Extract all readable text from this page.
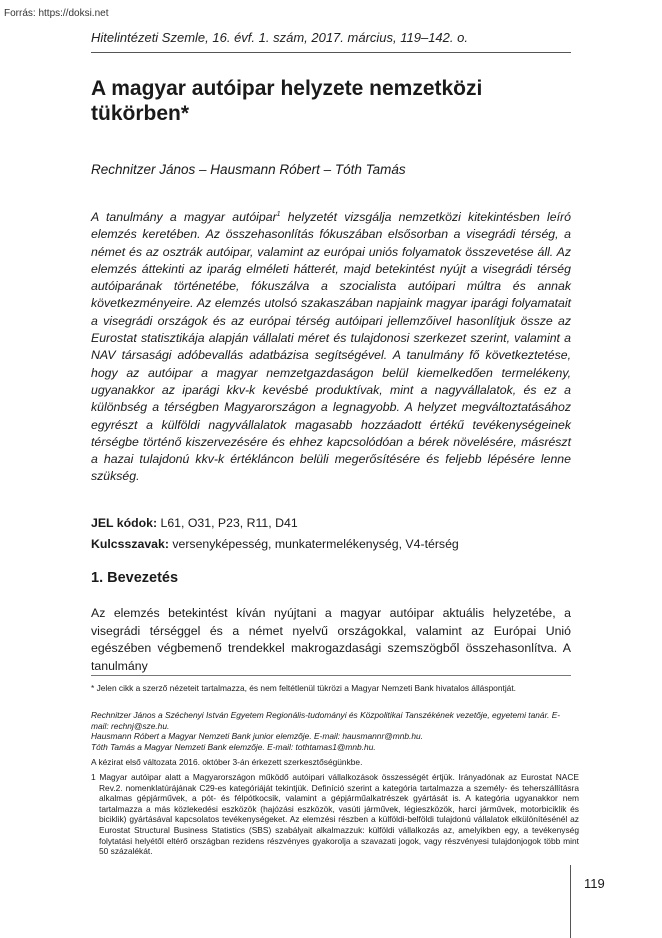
Forrás: https://doksi.net
Hitelintézeti Szemle, 16. évf. 1. szám, 2017. március, 119–142. o.
A magyar autóipar helyzete nemzetközi tükörben*
Rechnitzer János – Hausmann Róbert – Tóth Tamás

A tanulmány a magyar autóipar$^1$ helyzetét vizsgálja nemzetközi kitekintésben leíró elemzés keretében. Az összehasonlítás fókuszában elsősorban a visegrádi térség, a német és az osztrák autóipar, valamint az európai uniós folyamatok összevetése áll. Az elemzés áttekinti az iparág elméleti hátterét, majd betekintést nyújt a visegrádi térség autóiparának történetébe, fókuszálva a szocialista autóipari múltra és annak következményeire. Az elemzés utolsó szakaszában napjaink magyar iparági folyamatait a visegrádi országok és az európai térség autóipari jellemzőivel hasonlítjuk össze az Eurostat statisztikája alapján vállalati méret és tulajdonosi szerkezet szerint, valamint a NAV társasági adóbevallás adatbázisa segítségével. A tanulmány fő következtetése, hogy az autóipar a magyar nemzetgazdaságon belül kiemelkedően termelékeny, ugyanakkor az iparági kkv-k kevésbé produktívak, mint a nagyvállalatok, és ez a különbség a térségben Magyarországon a legnagyobb. A helyzet megváltoztatásához egyrészt a külföldi nagyvállalatok magasabb hozzáadott értékű tevékenységeinek térségbe történő kiszervezésére és ehhez kapcsolódóan a bérek növelésére, másrészt a hazai tulajdonú kkv-k értékláncon belüli megerősítésére és feljebb lépésére lenne szükség.

JEL kódok: L61, O31, P23, R11, D41
Kulcsszavak: versenyképesség, munkatermelékenység, V4-térség
1. Bevezetés

Az elemzés betekintést kíván nyújtani a magyar autóipar aktuális helyzetébe, a visegrádi térséggel és a német nyelvű országokkal, valamint az Európai Unió egészében végbemenő trendekkel makrogazdasági szemszögből összehasonlítva. A tanulmány

* Jelen cikk a szerző nézeteit tartalmazza, és nem feltétlenül tükrözi a Magyar Nemzeti Bank hivatalos álláspontját.

Rechnitzer János a Széchenyi István Egyetem Regionális-tudományi és Közpolitikai Tanszékének vezetője, egyetemi tanár. E-mail: rechnj@sze.hu.
Hausmann Róbert a Magyar Nemzeti Bank junior elemzője. E-mail: hausmannr@mnb.hu.
Tóth Tamás a Magyar Nemzeti Bank elemzője. E-mail: tothtamas1@mnb.hu.

A kézirat első változata 2016. október 3-án érkezett szerkesztőségünkbe.

1 Magyar autóipar alatt a Magyarországon működő autóipari vállalkozások összességét értjük. Irányadónak az Eurostat NACE Rev.2. nomenklatúrájának C29-es kategóriáját tekintjük. Definíció szerint a kategória tartalmazza a személy- és teherszállításra alkalmas gépjárművek, a pót- és félpótkocsik, valamint a gépjárműalkatrészek gyártását is. A kategória ugyanakkor nem tartalmazza a más közlekedési eszközök (hajózási eszközök, vasúti járművek, légieszközök, harci járművek, motorbiciklik és biciklik) gyártásával kapcsolatos tevékenységeket. Az elemzési részben a külföldi-belföldi tulajdonú vállalatok elkülönítésénél az Eurostat Structural Business Statistics (SBS) szabályait alkalmazzuk: külföldi vállalkozás az, amelyikben egy, a tevékenység folytatási helyétől eltérő országban rezidens részvényes gyakorolja a szavazati jogok, vagy részvényesi tulajdonjogok több mint 50 százalékát.

119
